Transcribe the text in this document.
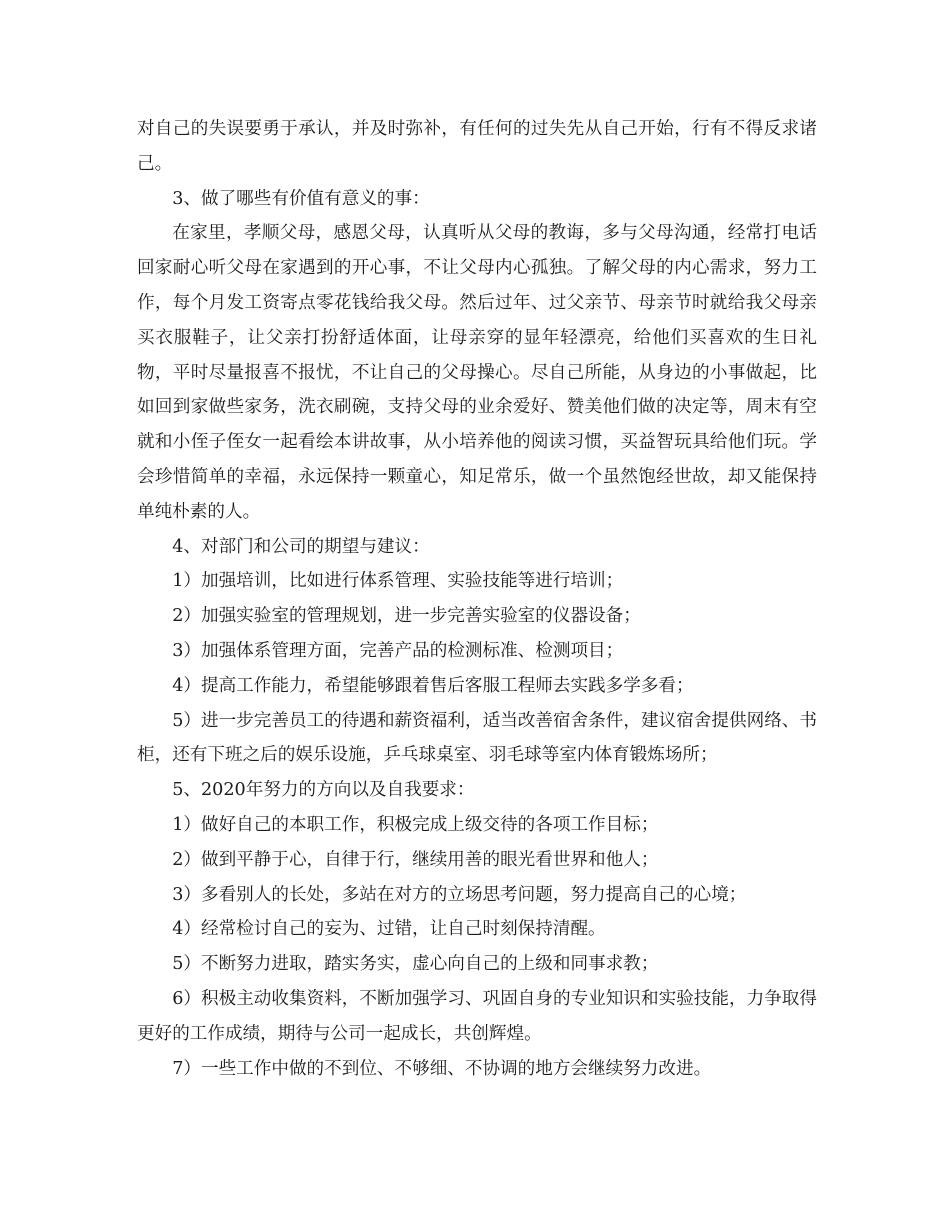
对自己的失误要勇于承认，并及时弥补，有任何的过失先从自己开始，行有不得反求诸己。

3、做了哪些有价值有意义的事：

在家里，孝顺父母，感恩父母，认真听从父母的教诲，多与父母沟通，经常打电话回家耐心听父母在家遇到的开心事，不让父母内心孤独。了解父母的内心需求，努力工作，每个月发工资寄点零花钱给我父母。然后过年、过父亲节、母亲节时就给我父母亲买衣服鞋子，让父亲打扮舒适体面，让母亲穿的显年轻漂亮，给他们买喜欢的生日礼物，平时尽量报喜不报忧，不让自己的父母操心。尽自己所能，从身边的小事做起，比如回到家做些家务，洗衣刷碗，支持父母的业余爱好、赞美他们做的决定等，周末有空就和小侄子侄女一起看绘本讲故事，从小培养他的阅读习惯，买益智玩具给他们玩。学会珍惜简单的幸福，永远保持一颗童心，知足常乐，做一个虽然饱经世故，却又能保持单纯朴素的人。

4、对部门和公司的期望与建议：

1）加强培训，比如进行体系管理、实验技能等进行培训；

2）加强实验室的管理规划，进一步完善实验室的仪器设备；

3）加强体系管理方面，完善产品的检测标准、检测项目；

4）提高工作能力，希望能够跟着售后客服工程师去实践多学多看；

5）进一步完善员工的待遇和薪资福利，适当改善宿舍条件，建议宿舍提供网络、书柜，还有下班之后的娱乐设施，乒乓球桌室、羽毛球等室内体育锻炼场所；

5、2020年努力的方向以及自我要求：

1）做好自己的本职工作，积极完成上级交待的各项工作目标；

2）做到平静于心，自律于行，继续用善的眼光看世界和他人；

3）多看别人的长处，多站在对方的立场思考问题，努力提高自己的心境；

4）经常检讨自己的妄为、过错，让自己时刻保持清醒。

5）不断努力进取，踏实务实，虚心向自己的上级和同事求教；

6）积极主动收集资料，不断加强学习、巩固自身的专业知识和实验技能，力争取得更好的工作成绩，期待与公司一起成长，共创辉煌。

7）一些工作中做的不到位、不够细、不协调的地方会继续努力改进。
